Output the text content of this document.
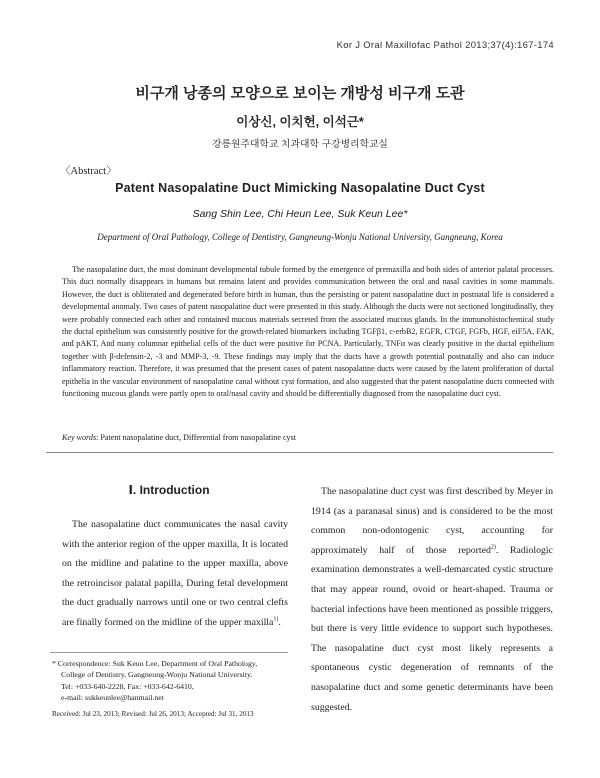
Kor J Oral Maxillofac Pathol 2013;37(4):167-174
비구개 낭종의 모양으로 보이는 개방성 비구개 도관
이상신, 이치헌, 이석근*
강릉원주대학교 치과대학 구강병리학교실
〈Abstract〉
Patent Nasopalatine Duct Mimicking Nasopalatine Duct Cyst
Sang Shin Lee, Chi Heun Lee, Suk Keun Lee*
Department of Oral Pathology, College of Dentistry, Gangneung-Wonju National University, Gangneung, Korea

The nasopalatine duct, the most dominant developmental tubule formed by the emergence of premaxilla and both sides of anterior palatal processes. This duct normally disappears in humans but remains latent and provides communication between the oral and nasal cavities in some mammals. However, the duct is obliterated and degenerated before birth in human, thus the persisting or patent nasopalatine duct in postnatal life is considered a developmental anomaly. Two cases of patent nasopalatine duct were presented in this study. Although the ducts were not sectioned longitudinally, they were probably connected each other and contained mucous materials secreted from the associated mucous glands. In the immunohistochemical study the ductal epithelium was consistently positive for the growth-related biomarkers including TGFβ1, c-erbB2, EGFR, CTGF, FGFb, HGF, eiF5A, FAK, and pAKT, And many columnar epithelial cells of the duct were positive for PCNA. Particularly, TNFα was clearly positive in the ductal epithelium together with β-defensin-2, -3 and MMP-3, -9. These findings may imply that the ducts have a growth potential postnatally and also can induce inflammatory reaction. Therefore, it was presumed that the present cases of patent nasopalatine ducts were caused by the latent proliferation of ductal epithelia in the vascular environment of nasopalatine canal without cyst formation, and also suggested that the patent nasopalatine ducts connected with functioning mucous glands were partly open to oral/nasal cavity and should be differentially diagnosed from the nasopalatine duct cyst.

Key words: Patent nasopalatine duct, Differential from nasopalatine cyst
Ⅰ. Introduction

The nasopalatine duct communicates the nasal cavity with the anterior region of the upper maxilla, It is located on the midline and palatine to the upper maxilla, above the retroincisor palatal papilla, During fetal development the duct gradually narrows until one or two central clefts are finally formed on the midline of the upper maxilla$^{1)}$.

The nasopalatine duct cyst was first described by Meyer in 1914 (as a paranasal sinus) and is considered to be the most common non-odontogenic cyst, accounting for approximately half of those reported$^{2)}$. Radiologic examination demonstrates a well-demarcated cystic structure that may appear round, ovoid or heart-shaped. Trauma or bacterial infections have been mentioned as possible triggers, but there is very little evidence to support such hypotheses. The nasopalatine duct cyst most likely represents a spontaneous cystic degeneration of remnants of the nasopalatine duct and some genetic determinants have been suggested.

* Correspondence: Suk Keun Lee, Department of Oral Pathology,
College of Dentistry, Gangneung-Wonju National University.
Tel: +033-640-2228, Fax: +033-642-6410,
e-mail: sukkeunlee@hanmail.net

Received: Jul 23, 2013; Revised: Jul 26, 2013; Accepted: Jul 31, 2013
